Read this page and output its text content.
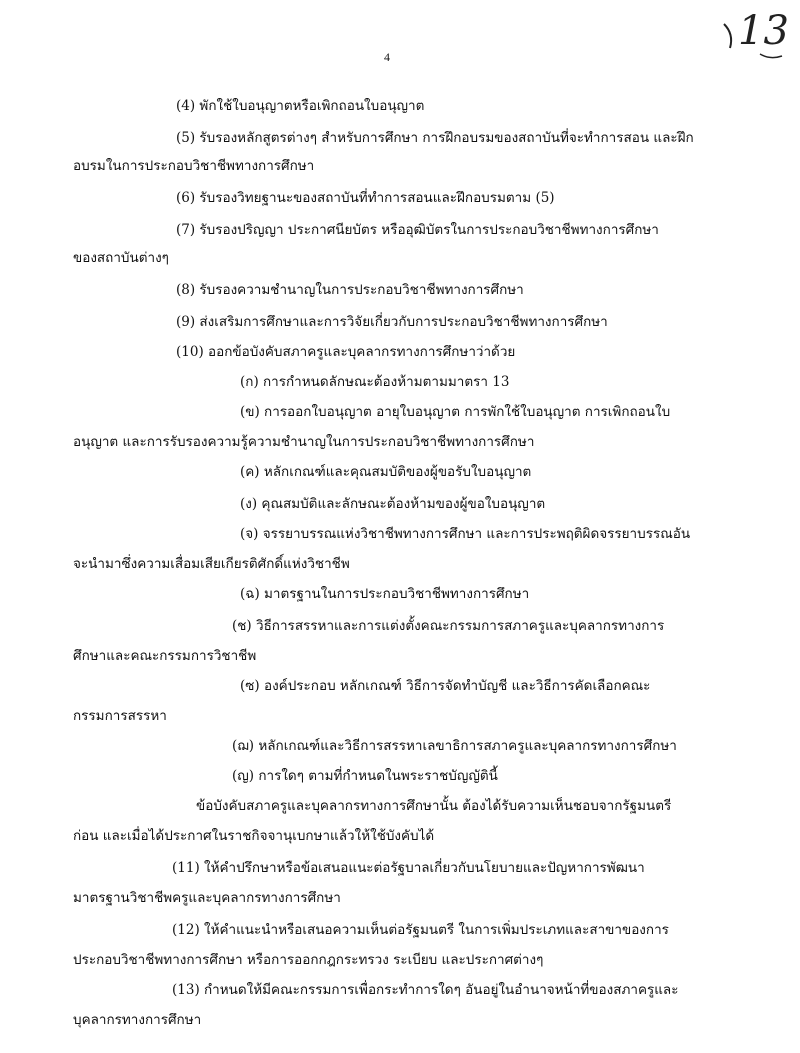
13
4
(4) พักใช้ใบอนุญาตหรือเพิกถอนใบอนุญาต
(5) รับรองหลักสูตรต่างๆ สำหรับการศึกษา การฝึกอบรมของสถาบันที่จะทำการสอน และฝึก
อบรมในการประกอบวิชาชีพทางการศึกษา
(6) รับรองวิทยฐานะของสถาบันที่ทำการสอนและฝึกอบรมตาม (5)
(7) รับรองปริญญา ประกาศนียบัตร หรืออุฒิบัตรในการประกอบวิชาชีพทางการศึกษา
ของสถาบันต่างๆ
(8) รับรองความชำนาญในการประกอบวิชาชีพทางการศึกษา
(9) ส่งเสริมการศึกษาและการวิจัยเกี่ยวกับการประกอบวิชาชีพทางการศึกษา
(10) ออกข้อบังคับสภาครูและบุคลากรทางการศึกษาว่าด้วย
(ก) การกำหนดลักษณะต้องห้ามตามมาตรา 13
(ข) การออกใบอนุญาต อายุใบอนุญาต การพักใช้ใบอนุญาต การเพิกถอนใบ
อนุญาต และการรับรองความรู้ความชำนาญในการประกอบวิชาชีพทางการศึกษา
(ค) หลักเกณฑ์และคุณสมบัติของผู้ขอรับใบอนุญาต
(ง) คุณสมบัติและลักษณะต้องห้ามของผู้ขอใบอนุญาต
(จ) จรรยาบรรณแห่งวิชาชีพทางการศึกษา และการประพฤติผิดจรรยาบรรณอัน
จะนำมาซึ่งความเสื่อมเสียเกียรติศักดิ์แห่งวิชาชีพ
(ฉ) มาตรฐานในการประกอบวิชาชีพทางการศึกษา
(ช) วิธีการสรรหาและการแต่งตั้งคณะกรรมการสภาครูและบุคลากรทางการ
ศึกษาและคณะกรรมการวิชาชีพ
(ซ) องค์ประกอบ หลักเกณฑ์ วิธีการจัดทำบัญชี และวิธีการคัดเลือกคณะ
กรรมการสรรหา
(ฌ) หลักเกณฑ์และวิธีการสรรหาเลขาธิการสภาครูและบุคลากรทางการศึกษา
(ญ) การใดๆ ตามที่กำหนดในพระราชบัญญัตินี้
ข้อบังคับสภาครูและบุคลากรทางการศึกษานั้น ต้องได้รับความเห็นชอบจากรัฐมนตรี
ก่อน และเมื่อได้ประกาศในราชกิจจานุเบกษาแล้วให้ใช้บังคับได้
(11) ให้คำปรึกษาหรือข้อเสนอแนะต่อรัฐบาลเกี่ยวกับนโยบายและปัญหาการพัฒนา
มาตรฐานวิชาชีพครูและบุคลากรทางการศึกษา
(12) ให้คำแนะนำหรือเสนอความเห็นต่อรัฐมนตรี ในการเพิ่มประเภทและสาขาของการ
ประกอบวิชาชีพทางการศึกษา หรือการออกกฎกระทรวง ระเบียบ และประกาศต่างๆ
(13) กำหนดให้มีคณะกรรมการเพื่อกระทำการใดๆ อันอยู่ในอำนาจหน้าที่ของสภาครูและ
บุคลากรทางการศึกษา
